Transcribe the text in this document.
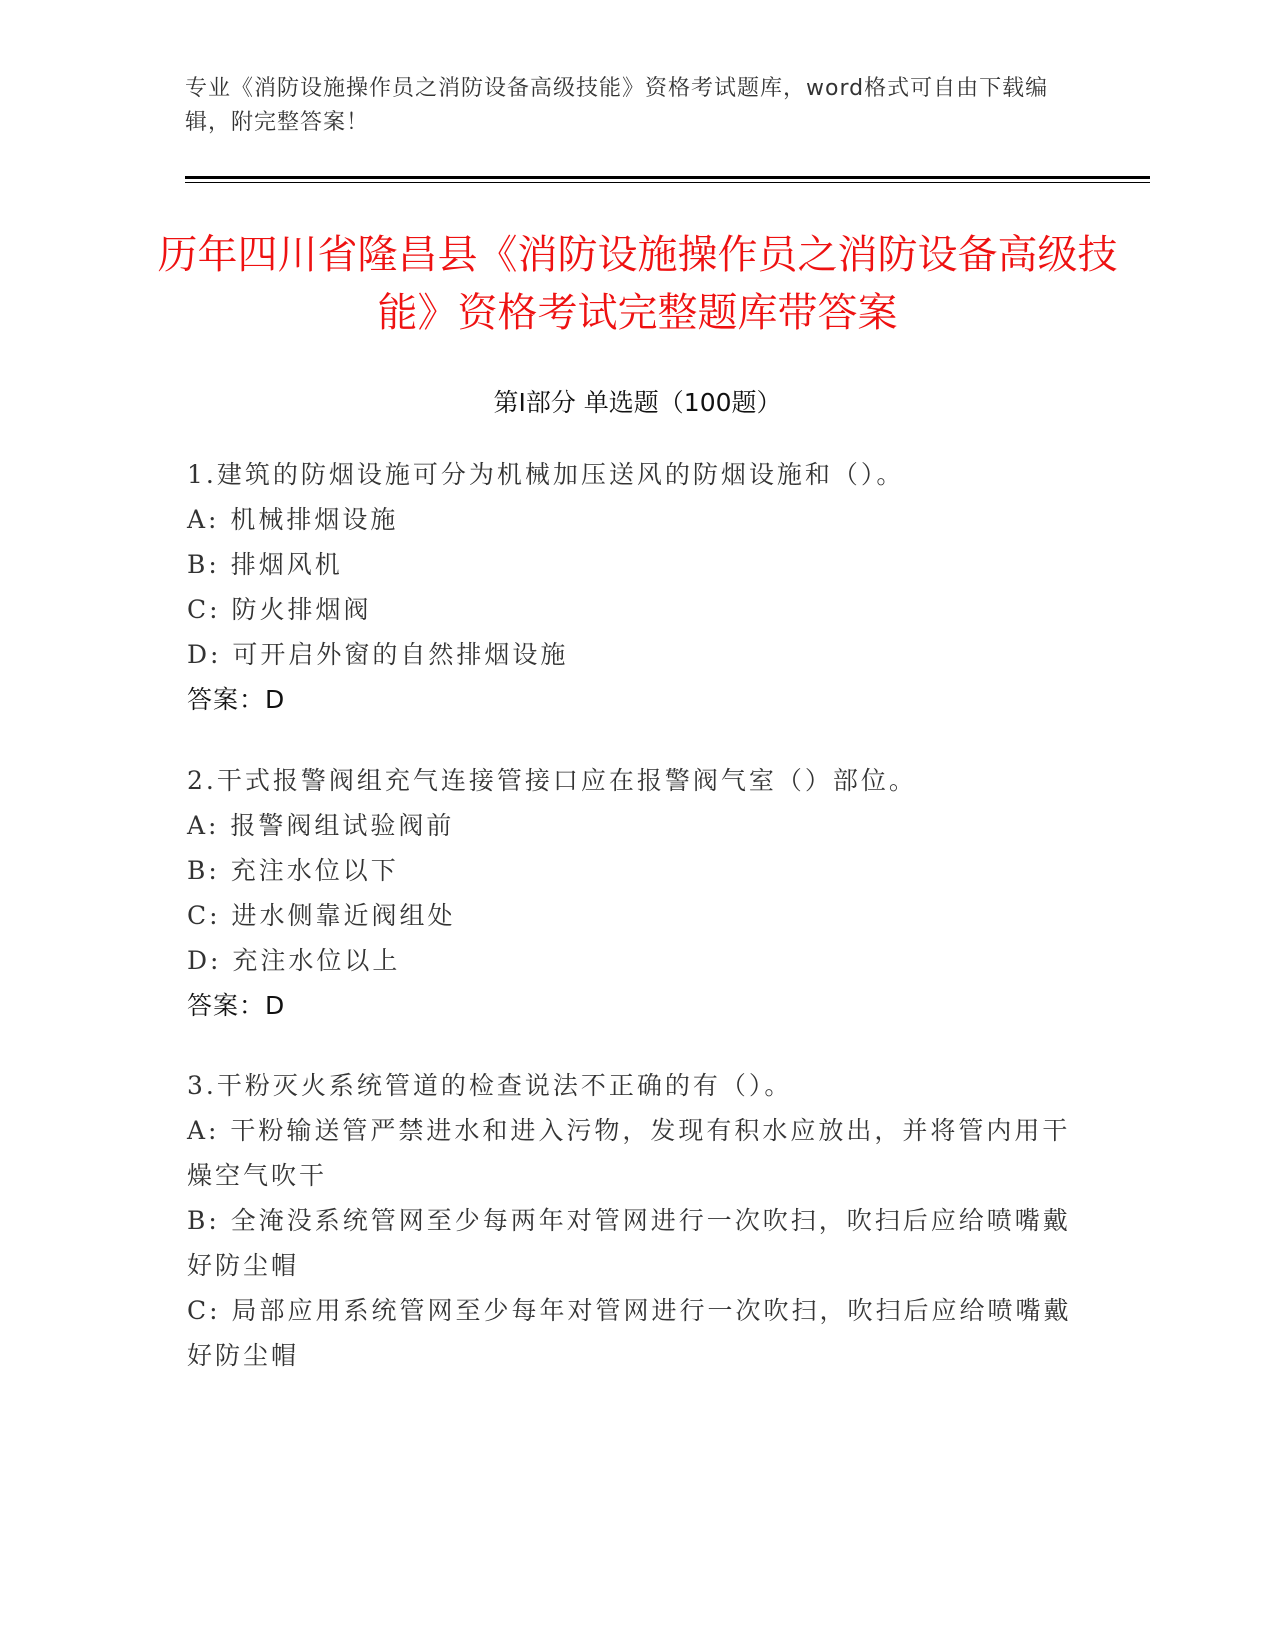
专业《消防设施操作员之消防设备高级技能》资格考试题库，word格式可自由下载编辑，附完整答案！
历年四川省隆昌县《消防设施操作员之消防设备高级技能》资格考试完整题库带答案
第Ⅰ部分 单选题（100题）
1.建筑的防烟设施可分为机械加压送风的防烟设施和（）。
A: 机械排烟设施
B: 排烟风机
C: 防火排烟阀
D: 可开启外窗的自然排烟设施
答案：D
2.干式报警阀组充气连接管接口应在报警阀气室（）部位。
A: 报警阀组试验阀前
B: 充注水位以下
C: 进水侧靠近阀组处
D: 充注水位以上
答案：D
3.干粉灭火系统管道的检查说法不正确的有（）。
A: 干粉输送管严禁进水和进入污物，发现有积水应放出，并将管内用干燥空气吹干
B: 全淹没系统管网至少每两年对管网进行一次吹扫，吹扫后应给喷嘴戴好防尘帽
C: 局部应用系统管网至少每年对管网进行一次吹扫，吹扫后应给喷嘴戴好防尘帽
